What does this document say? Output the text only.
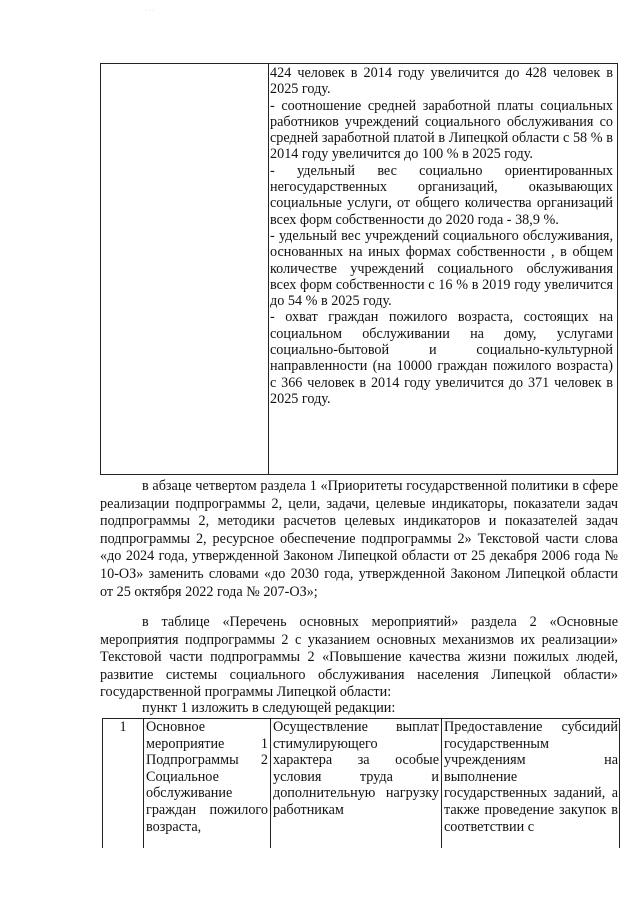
· · ·

424 человек в 2014 году увеличится до 428 человек в 2025 году.

- соотношение средней заработной платы социальных работников учреждений социального обслуживания со средней заработной платой в Липецкой области с 58 % в 2014 году увеличится до 100 % в 2025 году.

- удельный вес социально ориентированных негосударственных организаций, оказывающих социальные услуги, от общего количества организаций всех форм собственности до 2020 года - 38,9 %.

- удельный вес учреждений социального обслуживания, основанных на иных формах собственности , в общем количестве учреждений социального обслуживания всех форм собственности с 16 % в 2019 году увеличится до 54 % в 2025 году.

- охват граждан пожилого возраста, состоящих на социальном обслуживании на дому, услугами социально-бытовой и социально-культурной направленности (на 10000 граждан пожилого возраста) с 366 человек в 2014 году увеличится до 371 человек в 2025 году.

в абзаце четвертом раздела 1 «Приоритеты государственной политики в сфере реализации подпрограммы 2, цели, задачи, целевые индикаторы, показатели задач подпрограммы 2, методики расчетов целевых индикаторов и показателей задач подпрограммы 2, ресурсное обеспечение подпрограммы 2» Текстовой части слова «до 2024 года, утвержденной Законом Липецкой области от 25 декабря 2006 года № 10-ОЗ» заменить словами «до 2030 года, утвержденной Законом Липецкой области от 25 октября 2022 года № 207-ОЗ»;

в таблице «Перечень основных мероприятий» раздела 2 «Основные мероприятия подпрограммы 2 с указанием основных механизмов их реализации» Текстовой части подпрограммы 2 «Повышение качества жизни пожилых людей, развитие системы социального обслуживания населения Липецкой области» государственной программы Липецкой области:

пункт 1 изложить в следующей редакции:

1	Основное мероприятие 1 Подпрограммы 2 Социальное обслуживание граждан пожилого возраста,
Осуществление выплат стимулирующего характера за особые условия труда и дополнительную нагрузку работникам
Предоставление субсидий государственным учреждениям на выполнение государственных заданий, а также проведение закупок в соответствии с
